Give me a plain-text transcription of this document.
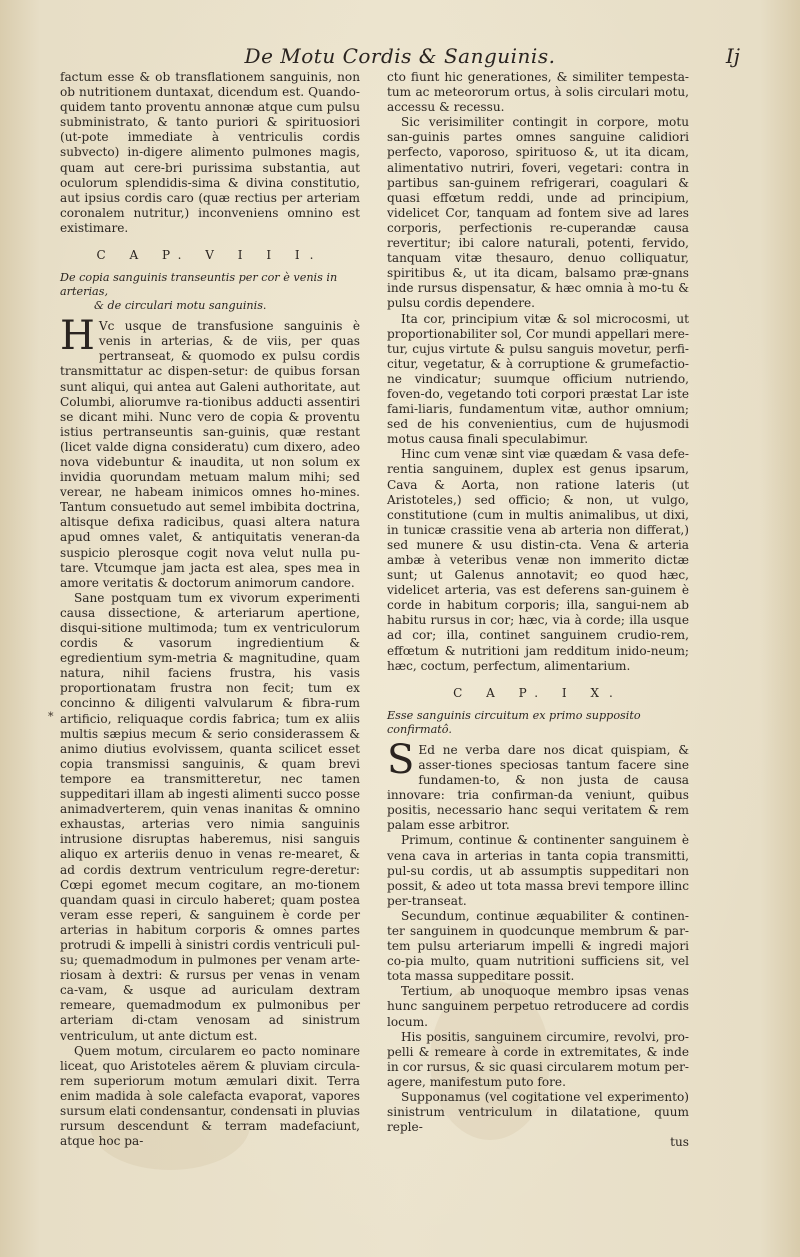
De Motu Cordis & Sanguinis.	Ij

factum esse & ob transflationem sanguinis, non ob nutritionem duntaxat, dicendum est. Quando-quidem tanto proventu annonæ atque cum pulsu subministrato, & tanto puriori & spirituosiori (ut-pote immediate à ventriculis cordis subvecto) in-digere alimento pulmones magis, quam aut cere-bri purissima substantia, aut oculorum splendidis-sima & divina constitutio, aut ipsius cordis caro (quæ rectius per arteriam coronalem nutritur,) inconveniens omnino est existimare.

C A P. V I I I.
De copia sanguinis transeuntis per cor è venis in arterias,
& de circulari motu sanguinis.

H Vc usque de transfusione sanguinis è venis in arterias, & de viis, per quas pertranseat, & quomodo ex pulsu cordis transmittatur ac dispen-setur: de quibus forsan sunt aliqui, qui antea aut Galeni authoritate, aut Columbi, aliorumve ra-tionibus adducti assentiri se dicant mihi. Nunc vero de copia & proventu istius pertranseuntis san-guinis, quæ restant (licet valde digna consideratu) cum dixero, adeo nova videbuntur & inaudita, ut non solum ex invidia quorundam metuam malum mihi; sed verear, ne habeam inimicos omnes ho-mines. Tantum consuetudo aut semel imbibita doctrina, altisque defixa radicibus, quasi altera natura apud omnes valet, & antiquitatis veneran-da suspicio plerosque cogit nova velut nulla pu-tare. Vtcumque jam jacta est alea, spes mea in amore veritatis & doctorum animorum candore.

Sane postquam tum ex vivorum experimenti causa dissectione, & arteriarum apertione, disqui-sitione multimoda; tum ex ventriculorum cordis & vasorum ingredientium & egredientium sym-metria & magnitudine, quam natura, nihil faciens frustra, his vasis proportionatam frustra non fecit; tum ex concinno & diligenti valvularum & fibra-rum artificio, reliquaque cordis fabrica; tum ex aliis multis sæpius mecum & serio considerassem & animo diutius evolvissem, quanta scilicet esset copia transmissi sanguinis, & quam brevi tempore ea transmitteretur, nec tamen suppeditari illam ab ingesti alimenti succo posse animadverterem, quin venas inanitas & omnino exhaustas, arterias vero nimia sanguinis intrusione disruptas haberemus, nisi sanguis aliquo ex arteriis denuo in venas re-mearet, & ad cordis dextrum ventriculum regre-deretur: Cœpi egomet mecum cogitare, an mo-tionem quandam quasi in circulo haberet; quam postea veram esse reperi, & sanguinem è corde per arterias in habitum corporis & omnes partes protrudi & impelli à sinistri cordis ventriculi pul-su; quemadmodum in pulmones per venam arte-riosam à dextri: & rursus per venas in venam ca-vam, & usque ad auriculam dextram remeare, quemadmodum ex pulmonibus per arteriam di-ctam venosam ad sinistrum ventriculum, ut ante dictum est.

Quem motum, circularem eo pacto nominare liceat, quo Aristoteles aërem & pluviam circula-rem superiorum motum æmulari dixit. Terra enim madida à sole calefacta evaporat, vapores sursum elati condensantur, condensati in pluvias rursum descendunt & terram madefaciunt, atque hoc pa-

*

cto fiunt hic generationes, & similiter tempesta-tum ac meteororum ortus, à solis circulari motu, accessu & recessu.

Sic verisimiliter contingit in corpore, motu san-guinis partes omnes sanguine calidiori perfecto, vaporoso, spirituoso &, ut ita dicam, alimentativo nutriri, foveri, vegetari: contra in partibus san-guinem refrigerari, coagulari & quasi effœtum reddi, unde ad principium, videlicet Cor, tanquam ad fontem sive ad lares corporis, perfectionis re-cuperandæ causa revertitur; ibi calore naturali, potenti, fervido, tanquam vitæ thesauro, denuo colliquatur, spiritibus &, ut ita dicam, balsamo præ-gnans inde rursus dispensatur, & hæc omnia à mo-tu & pulsu cordis dependere.

Ita cor, principium vitæ & sol microcosmi, ut proportionabiliter sol, Cor mundi appellari mere-tur, cujus virtute & pulsu sanguis movetur, perfi-citur, vegetatur, & à corruptione & grumefactio-ne vindicatur; suumque officium nutriendo, foven-do, vegetando toti corpori præstat Lar iste fami-liaris, fundamentum vitæ, author omnium; sed de his convenientius, cum de hujusmodi motus causa finali speculabimur.

Hinc cum venæ sint viæ quædam & vasa defe-rentia sanguinem, duplex est genus ipsarum, Cava & Aorta, non ratione lateris (ut Aristoteles,) sed officio; & non, ut vulgo, constitutione (cum in multis animalibus, ut dixi, in tunicæ crassitie vena ab arteria non differat,) sed munere & usu distin-cta. Vena & arteria ambæ à veteribus venæ non immerito dictæ sunt; ut Galenus annotavit; eo quod hæc, videlicet arteria, vas est deferens san-guinem è corde in habitum corporis; illa, sangui-nem ab habitu rursus in cor; hæc, via à corde; illa usque ad cor; illa, continet sanguinem crudio-rem, effœtum & nutritioni jam redditum inido-neum; hæc, coctum, perfectum, alimentarium.

C A P. I X.
Esse sanguinis circuitum ex primo supposito confirmatô.

S Ed ne verba dare nos dicat quispiam, & asser-tiones speciosas tantum facere sine fundamen-to, & non justa de causa innovare: tria confirman-da veniunt, quibus positis, necessario hanc sequi veritatem & rem palam esse arbitror.

Primum, continue & continenter sanguinem è vena cava in arterias in tanta copia transmitti, pul-su cordis, ut ab assumptis suppeditari non possit, & adeo ut tota massa brevi tempore illinc per-transeat.

Secundum, continue æquabiliter & continen-ter sanguinem in quodcunque membrum & par-tem pulsu arteriarum impelli & ingredi majori co-pia multo, quam nutritioni sufficiens sit, vel tota massa suppeditare possit.

Tertium, ab unoquoque membro ipsas venas hunc sanguinem perpetuo retroducere ad cordis locum.

His positis, sanguinem circumire, revolvi, pro-pelli & remeare à corde in extremitates, & inde in cor rursus, & sic quasi circularem motum per-agere, manifestum puto fore.

Supponamus (vel cogitatione vel experimento) sinistrum ventriculum in dilatatione, quum reple-

tus
